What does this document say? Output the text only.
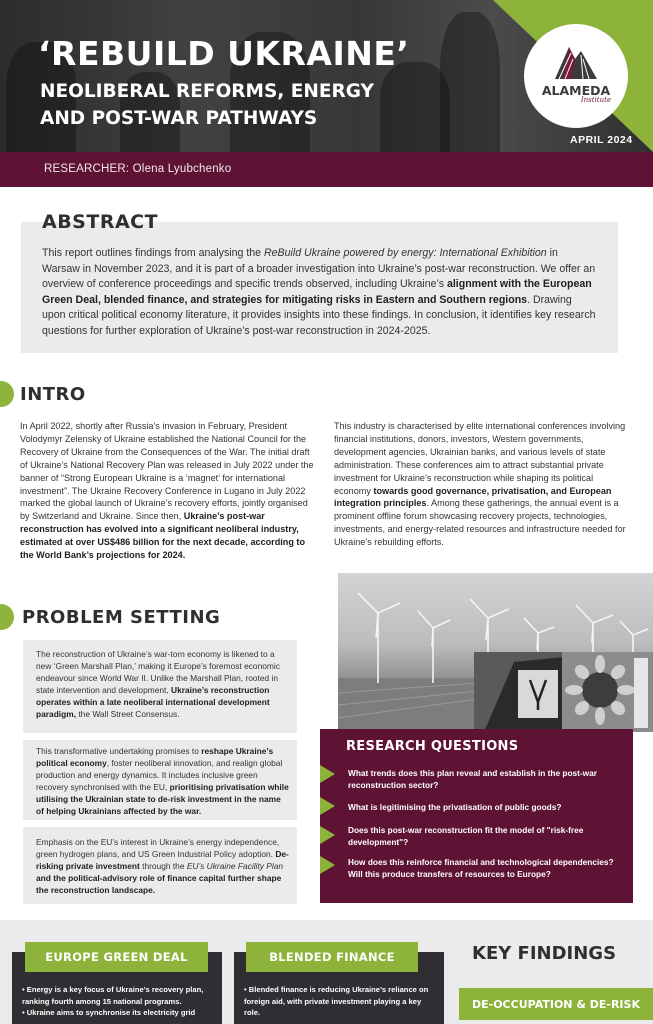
‘REBUILD UKRAINE’
NEOLIBERAL REFORMS, ENERGY AND POST-WAR PATHWAYS
ALAMEDA
Institute
APRIL 2024
RESEARCHER: Olena Lyubchenko
ABSTRACT
This report outlines findings from analysing the ReBuild Ukraine powered by energy: International Exhibition in Warsaw in November 2023, and it is part of a broader investigation into Ukraine’s post-war reconstruction. We offer an overview of conference proceedings and specific trends observed, including Ukraine’s alignment with the European Green Deal, blended finance, and strategies for mitigating risks in Eastern and Southern regions. Drawing upon critical political economy literature, it provides insights into these findings. In conclusion, it identifies key research questions for further exploration of Ukraine’s post-war reconstruction in 2024-2025.
INTRO
In April 2022, shortly after Russia’s invasion in February, President Volodymyr Zelensky of Ukraine established the National Council for the Recovery of Ukraine from the Consequences of the War. The initial draft of Ukraine’s National Recovery Plan was released in July 2022 under the banner of “Strong European Ukraine is a ‘magnet’ for international investment”. The Ukraine Recovery Conference in Lugano in July 2022 marked the global launch of Ukraine’s recovery efforts, jointly organised by Switzerland and Ukraine. Since then, Ukraine’s post-war reconstruction has evolved into a significant neoliberal industry, estimated at over US$486 billion for the next decade, according to the World Bank’s projections for 2024.
This industry is characterised by elite international conferences involving financial institutions, donors, investors, Western governments, development agencies, Ukrainian banks, and various levels of state administration. These conferences aim to attract substantial private investment for Ukraine’s reconstruction while shaping its political economy towards good governance, privatisation, and European integration principles. Among these gatherings, the annual event is a prominent offline forum showcasing recovery projects, technologies, investments, and energy-related resources and infrastructure needed for Ukraine’s rebuilding efforts.
PROBLEM SETTING
The reconstruction of Ukraine’s war-torn economy is likened to a new ‘Green Marshall Plan,’ making it Europe’s foremost economic endeavour since World War II. Unlike the Marshall Plan, rooted in state intervention and development, Ukraine’s reconstruction operates within a late neoliberal international development paradigm, the Wall Street Consensus.
This transformative undertaking promises to reshape Ukraine’s political economy, foster neoliberal innovation, and realign global production and energy dynamics. It includes inclusive green recovery synchronised with the EU, prioritising privatisation while utilising the Ukrainian state to de-risk investment in the name of helping Ukrainians affected by the war.
Emphasis on the EU’s interest in Ukraine’s energy independence, green hydrogen plans, and US Green Industrial Policy adoption. De-risking private investment through the EU’s Ukraine Facility Plan and the political-advisory role of finance capital further shape the reconstruction landscape.
RESEARCH QUESTIONS
What trends does this plan reveal and establish in the post-war reconstruction sector?
What is legitimising the privatisation of public goods?
Does this post-war reconstruction fit the model of "risk-free development"?
How does this reinforce financial and technological dependencies? Will this produce transfers of resources to Europe?
EUROPE GREEN DEAL
• Energy is a key focus of Ukraine’s recovery plan, ranking fourth among 15 national programs.
• Ukraine aims to synchronise its electricity grid
BLENDED FINANCE
• Blended finance is reducing Ukraine’s reliance on foreign aid, with private investment playing a key role.
KEY FINDINGS
DE-OCCUPATION & DE-RISK
